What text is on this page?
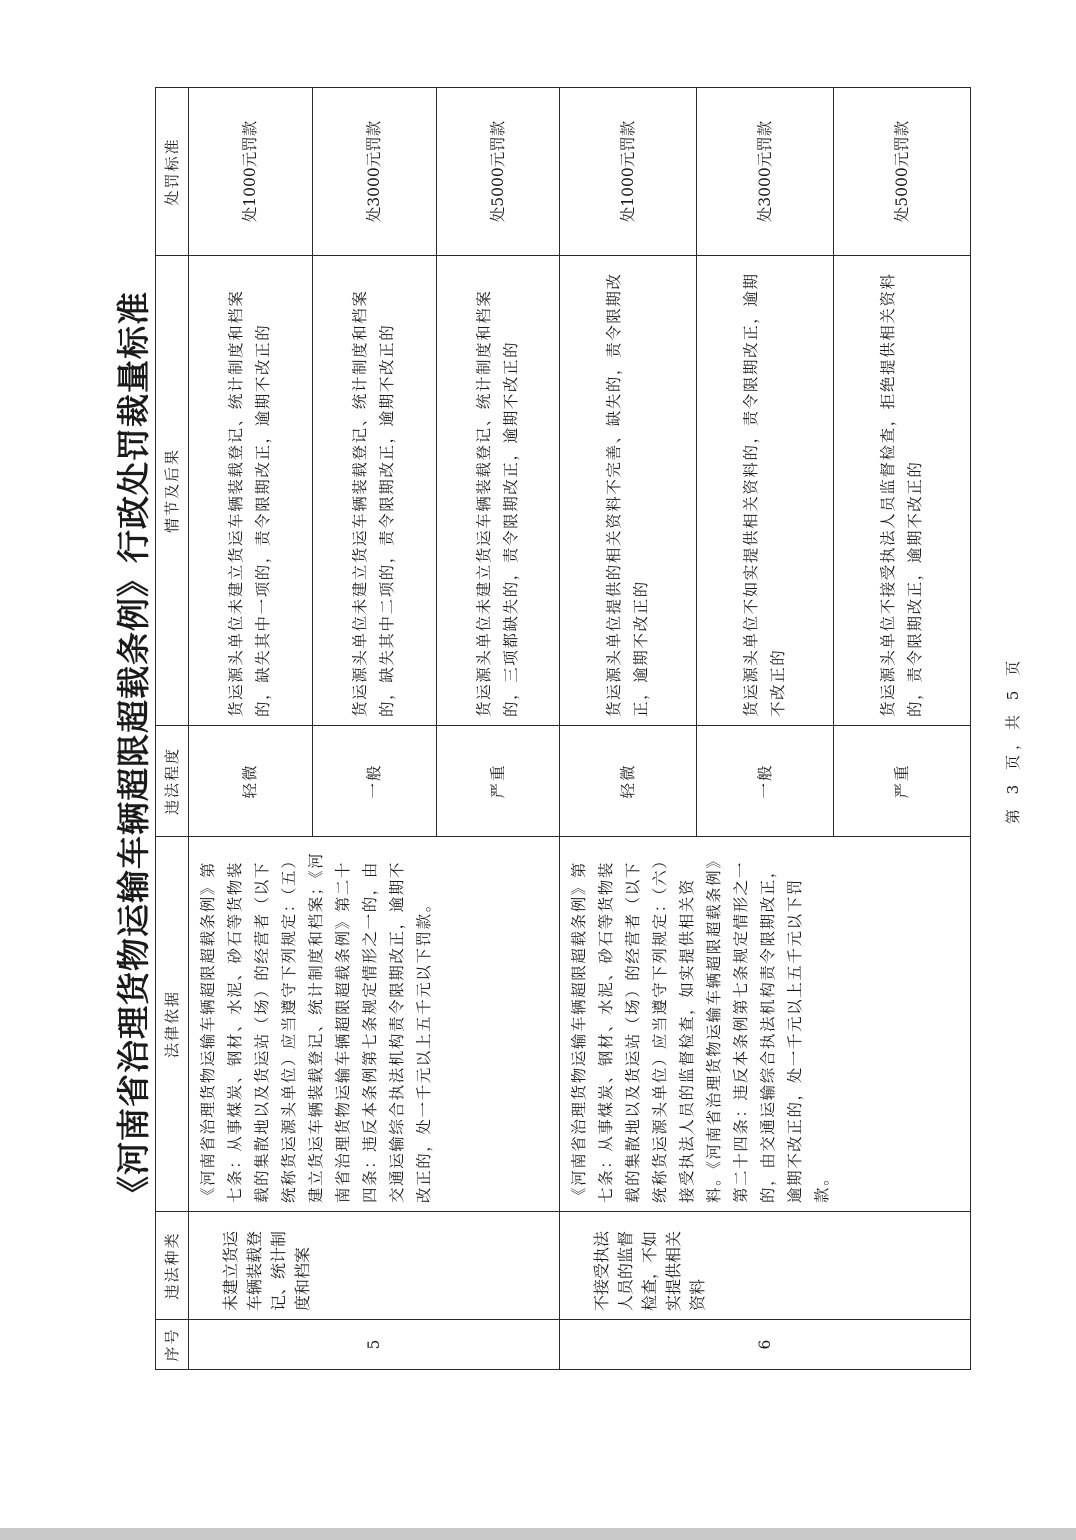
《河南省治理货物运输车辆超限超载条例》行政处罚裁量标准
序号	违法种类	法律依据	违法程度	情节及后果	处罚标准
5	未建立货运车辆装载登记、统计制度和档案	《河南省治理货物运输车辆超限超载条例》第七条：从事煤炭、钢材、水泥、砂石等货物装载的集散地以及货运站（场）的经营者（以下统称货运源头单位）应当遵守下列规定：（五）建立货运车辆装载登记、统计制度和档案；《河南省治理货物运输车辆超限超载条例》第二十四条：违反本条例第七条规定情形之一的，由交通运输综合执法机构责令限期改正，逾期不改正的，处一千元以上五千元以下罚款。	轻微	货运源头单位未建立货运车辆装载登记、统计制度和档案的，缺失其中一项的，责令限期改正，逾期不改正的	处1000元罚款
			一般	货运源头单位未建立货运车辆装载登记、统计制度和档案的，缺失其中二项的，责令限期改正，逾期不改正的	处3000元罚款
			严重	货运源头单位未建立货运车辆装载登记、统计制度和档案的，三项都缺失的，责令限期改正，逾期不改正的	处5000元罚款
6	不接受执法人员的监督检查，不如实提供相关资料	《河南省治理货物运输车辆超限超载条例》第七条：从事煤炭、钢材、水泥、砂石等货物装载的集散地以及货运站（场）的经营者（以下统称货运源头单位）应当遵守下列规定：（六）接受执法人员的监督检查，如实提供相关资料。《河南省治理货物运输车辆超限超载条例》第二十四条：违反本条例第七条规定情形之一的，由交通运输综合执法机构责令限期改正，逾期不改正的，处一千元以上五千元以下罚款。	轻微	货运源头单位提供的相关资料不完善、缺失的，责令限期改正，逾期不改正的	处1000元罚款
			一般	货运源头单位不如实提供相关资料的，责令限期改正，逾期不改正的	处3000元罚款
			严重	货运源头单位不接受执法人员监督检查，拒绝提供相关资料的，责令限期改正，逾期不改正的	处5000元罚款
第 3 页，共 5 页
